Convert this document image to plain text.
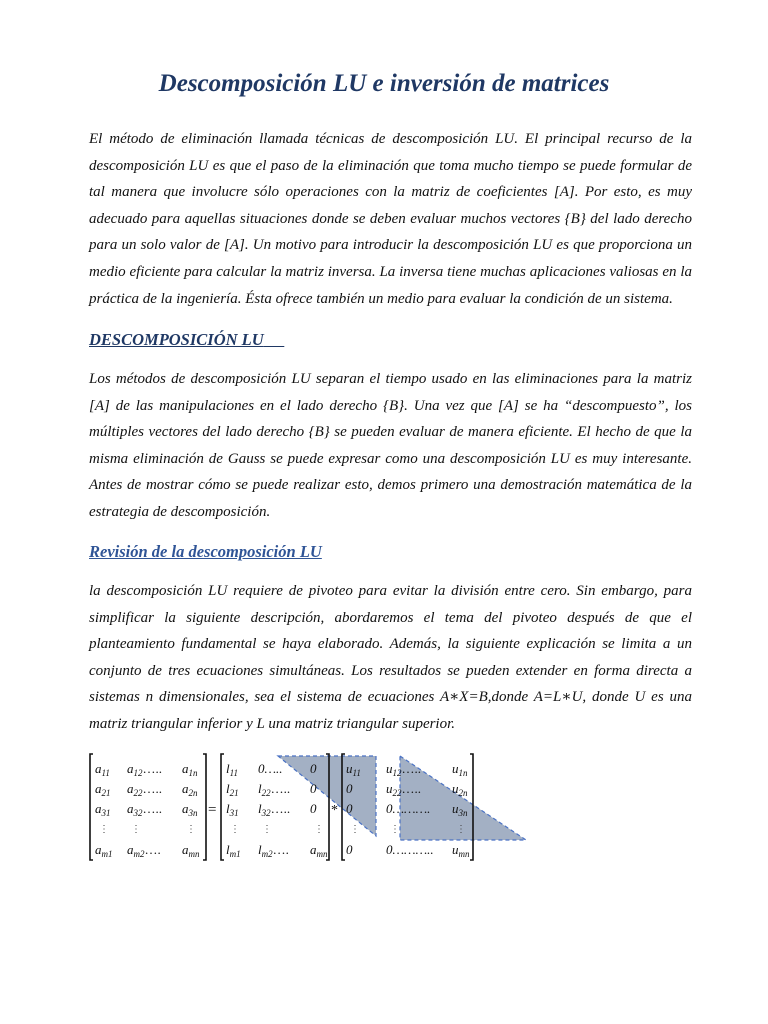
Descomposición LU e inversión de matrices

El método de eliminación llamada técnicas de descomposición LU. El principal recurso de la descomposición LU es que el paso de la eliminación que toma mucho tiempo se puede formular de tal manera que involucre sólo operaciones con la matriz de coeficientes [A]. Por esto, es muy adecuado para aquellas situaciones donde se deben evaluar muchos vectores {B} del lado derecho para un solo valor de [A]. Un motivo para introducir la descomposición LU es que proporciona un medio eficiente para calcular la matriz inversa. La inversa tiene muchas aplicaciones valiosas en la práctica de la ingeniería. Ésta ofrece también un medio para evaluar la condición de un sistema.

DESCOMPOSICIÓN LU

Los métodos de descomposición LU separan el tiempo usado en las eliminaciones para la matriz [A] de las manipulaciones en el lado derecho {B}. Una vez que [A] se ha “descompuesto”, los múltiples vectores del lado derecho {B} se pueden evaluar de manera eficiente. El hecho de que la misma eliminación de Gauss se puede expresar como una descomposición LU es muy interesante. Antes de mostrar cómo se puede realizar esto, demos primero una demostración matemática de la estrategia de descomposición.

Revisión de la descomposición LU

la descomposición LU requiere de pivoteo para evitar la división entre cero. Sin embargo, para simplificar la siguiente descripción, abordaremos el tema del pivoteo después de que el planteamiento fundamental se haya elaborado. Además, la siguiente explicación se limita a un conjunto de tres ecuaciones simultáneas. Los resultados se pueden extender en forma directa a sistemas n dimensionales, sea el sistema de ecuaciones A∗X=B,donde A=L∗U, donde U es una matriz triangular inferior y L una matriz triangular superior.

=	*
$a_{11}$ $a_{12}\dots$.. $a_{1n}$
$a_{21}$ $a_{22}\dots$.. $a_{2n}$
$a_{31}$ $a_{32}\dots$.. $a_{3n}$
⋮ ⋮	⋮
$a_{m1}$ $a_{m2}\dots$. $a_{mn}$
$l_{11}$ 0….. 0
$l_{21}$ $l_{22}\dots$.. 0
$l_{31}$ $l_{32}\dots$.. 0
⋮ ⋮	⋮
$l_{m1}$ $l_{m2}\dots$. $a_{mn}$
$u_{11}$ $u_{12}\dots$.. $u_{1n}$
0	$u_{22}\dots$.. $u_{2n}$
0	0………. $u_{3n}$
⋮	⋮	⋮
0	0……….. $u_{mn}$
